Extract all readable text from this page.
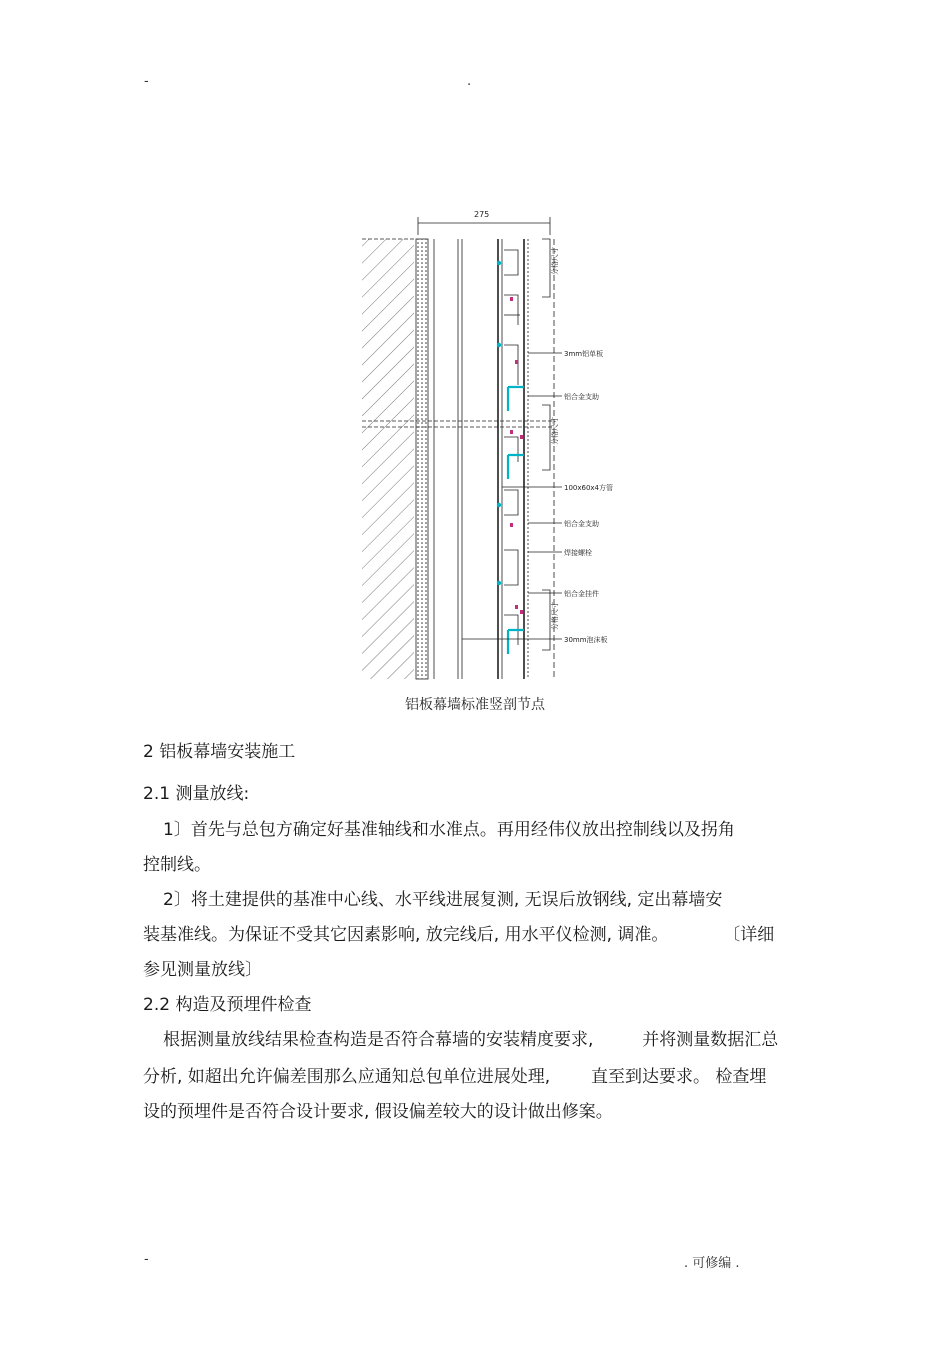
-	.
275
分格尺寸
分格尺寸
分格尺寸
3mm铝单板
铝合金支助
100x60x4方管
铝合金支助
焊接螺栓
铝合金挂件
30mm泡沫板
铝板幕墙标准竖剖节点
2 铝板幕墙安装施工
2.1 测量放线:
1〕首先与总包方确定好基准轴线和水准点。再用经伟仪放出控制线以及拐角
控制线。
2〕将土建提供的基准中心线、水平线进展复测, 无误后放钢线, 定出幕墙安
装基准线。为保证不受其它因素影响, 放完线后, 用水平仪检测, 调准。	〔详细
参见测量放线〕
2.2 构造及预埋件检查
根据测量放线结果检查构造是否符合幕墙的安装精度要求,	并将测量数据汇总
分析, 如超出允许偏差围那么应通知总包单位进展处理, 直至到达要求。 检查埋
设的预埋件是否符合设计要求, 假设偏差较大的设计做出修案。
-	. 可修编 .
